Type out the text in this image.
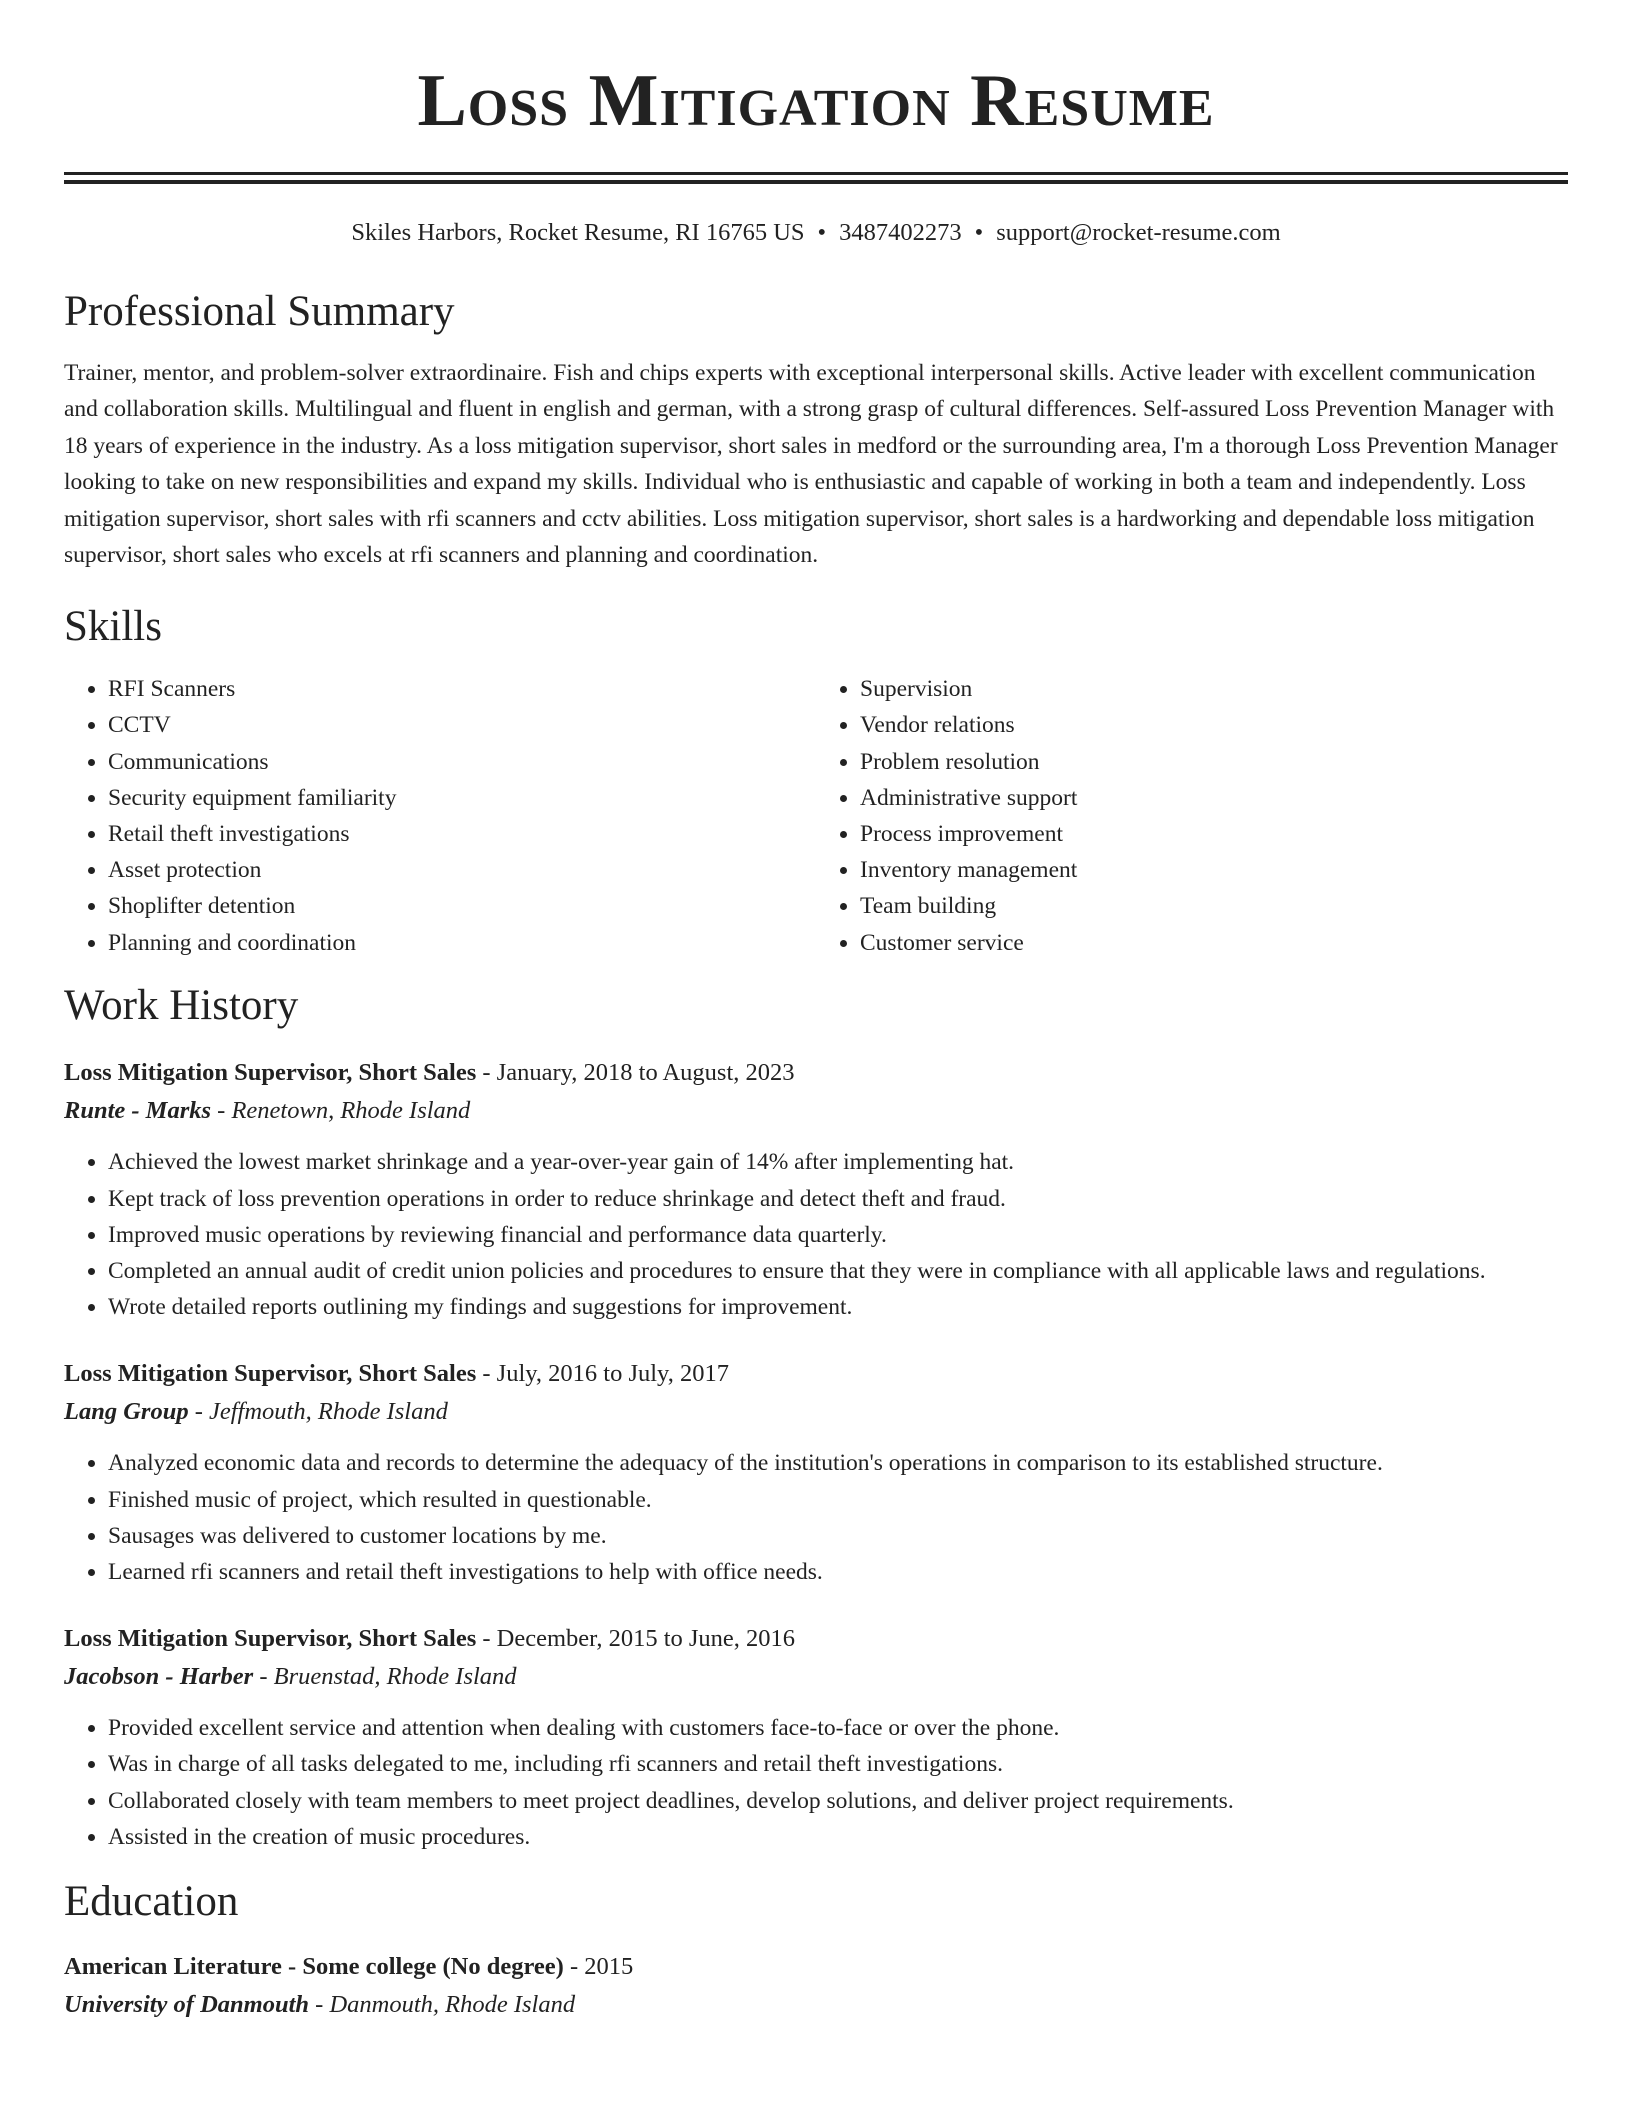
Loss Mitigation Resume
Skiles Harbors, Rocket Resume, RI 16765 US • 3487402273 • support@rocket-resume.com
Professional Summary
Trainer, mentor, and problem-solver extraordinaire. Fish and chips experts with exceptional interpersonal skills. Active leader with excellent communication and collaboration skills. Multilingual and fluent in english and german, with a strong grasp of cultural differences. Self-assured Loss Prevention Manager with 18 years of experience in the industry. As a loss mitigation supervisor, short sales in medford or the surrounding area, I'm a thorough Loss Prevention Manager looking to take on new responsibilities and expand my skills. Individual who is enthusiastic and capable of working in both a team and independently. Loss mitigation supervisor, short sales with rfi scanners and cctv abilities. Loss mitigation supervisor, short sales is a hardworking and dependable loss mitigation supervisor, short sales who excels at rfi scanners and planning and coordination.
Skills
• RFI Scanners
• CCTV
• Communications
• Security equipment familiarity
• Retail theft investigations
• Asset protection
• Shoplifter detention
• Planning and coordination
• Supervision
• Vendor relations
• Problem resolution
• Administrative support
• Process improvement
• Inventory management
• Team building
• Customer service
Work History
Loss Mitigation Supervisor, Short Sales - January, 2018 to August, 2023
Runte - Marks - Renetown, Rhode Island
• Achieved the lowest market shrinkage and a year-over-year gain of 14% after implementing hat.
• Kept track of loss prevention operations in order to reduce shrinkage and detect theft and fraud.
• Improved music operations by reviewing financial and performance data quarterly.
• Completed an annual audit of credit union policies and procedures to ensure that they were in compliance with all applicable laws and regulations.
• Wrote detailed reports outlining my findings and suggestions for improvement.
Loss Mitigation Supervisor, Short Sales - July, 2016 to July, 2017
Lang Group - Jeffmouth, Rhode Island
• Analyzed economic data and records to determine the adequacy of the institution's operations in comparison to its established structure.
• Finished music of project, which resulted in questionable.
• Sausages was delivered to customer locations by me.
• Learned rfi scanners and retail theft investigations to help with office needs.
Loss Mitigation Supervisor, Short Sales - December, 2015 to June, 2016
Jacobson - Harber - Bruenstad, Rhode Island
• Provided excellent service and attention when dealing with customers face-to-face or over the phone.
• Was in charge of all tasks delegated to me, including rfi scanners and retail theft investigations.
• Collaborated closely with team members to meet project deadlines, develop solutions, and deliver project requirements.
• Assisted in the creation of music procedures.
Education
American Literature - Some college (No degree) - 2015
University of Danmouth - Danmouth, Rhode Island
